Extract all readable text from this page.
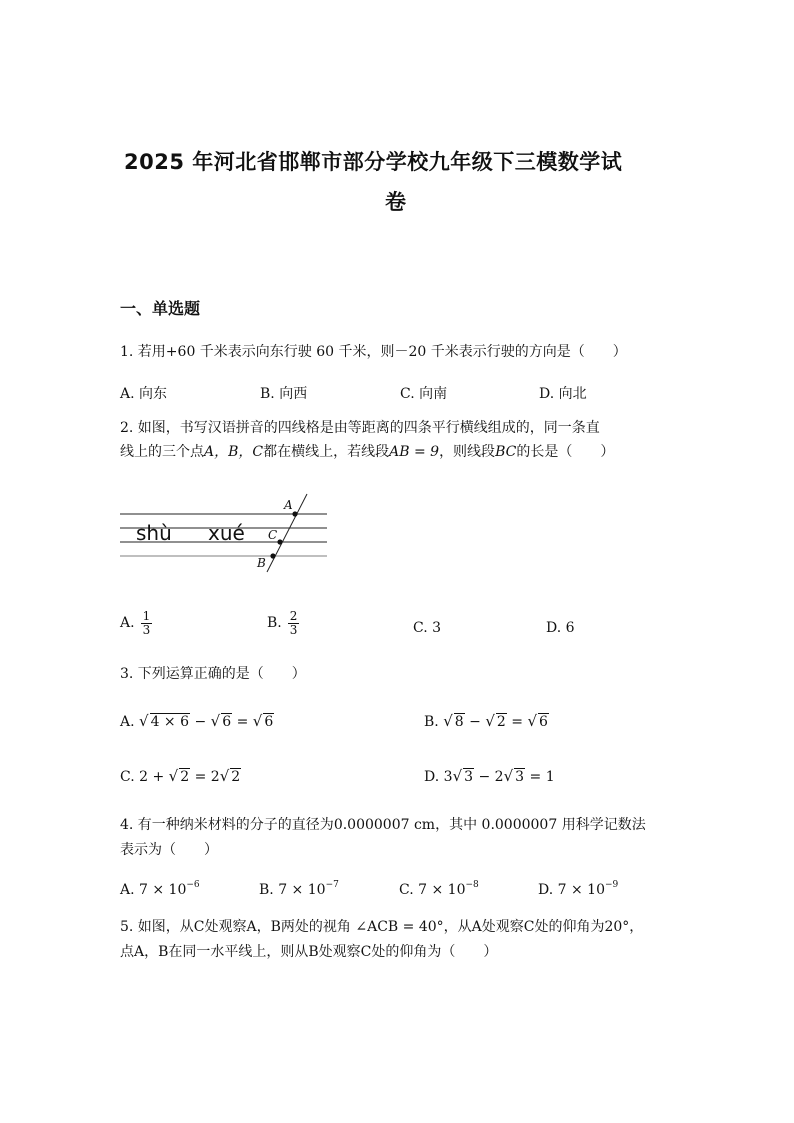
2025 年河北省邯郸市部分学校九年级下三模数学试
卷
一、单选题
1. 若用+60 千米表示向东行驶 60 千米，则－20 千米表示行驶的方向是（　　）
A. 向东	B. 向西	C. 向南	D. 向北
2. 如图，书写汉语拼音的四线格是由等距离的四条平行横线组成的，同一条直
线上的三个点A，B，C都在横线上，若线段AB = 9，则线段BC的长是（　　）
shù xué
A
C
B
A. $\frac{1}{3}$	B. $\frac{2}{3}$	C. 3	D. 6
3. 下列运算正确的是（　　）
A. √ 4 × 6 − √ 6 = √ 6	B. √ 8 − √ 2 = √ 6
C. 2 + √ 2 = 2√ 2	D. 3√ 3 − 2√ 3 = 1
4. 有一种纳米材料的分子的直径为0.0000007 cm，其中 0.0000007 用科学记数法
表示为（　　）
A. $7 \times 10^{-6}$	B. $7 \times 10^{-7}$	C. $7 \times 10^{-8}$	D. $7 \times 10^{-9}$
5. 如图，从C处观察A，B两处的视角 ∠ACB = 40°，从A处观察C处的仰角为20°，
点A，B在同一水平线上，则从B处观察C处的仰角为（　　）
